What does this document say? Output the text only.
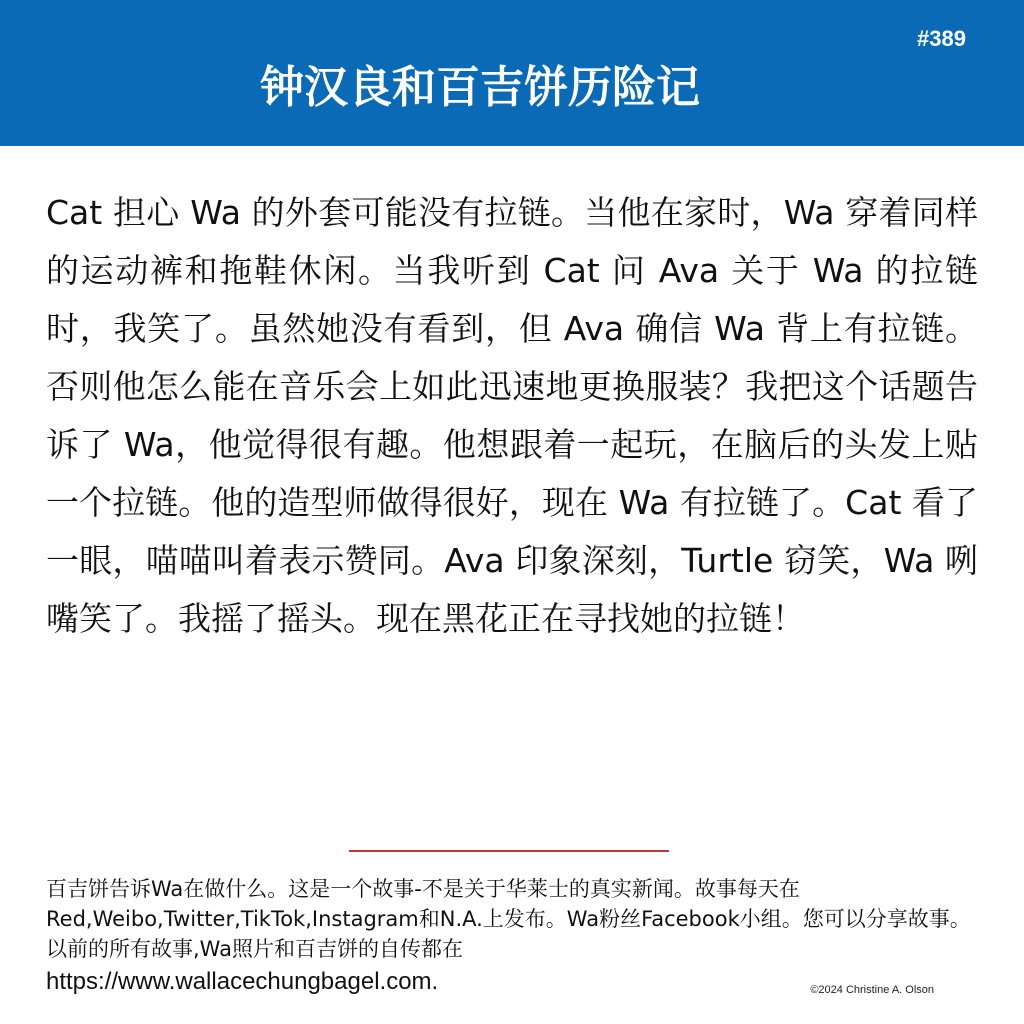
#389
钟汉良和百吉饼历险记
Cat 担心 Wa 的外套可能没有拉链。当他在家时，Wa 穿着同样的运动裤和拖鞋休闲。当我听到 Cat 问 Ava 关于 Wa 的拉链时，我笑了。虽然她没有看到，但 Ava 确信 Wa 背上有拉链。否则他怎么能在音乐会上如此迅速地更换服装？我把这个话题告诉了 Wa，他觉得很有趣。他想跟着一起玩，在脑后的头发上贴一个拉链。他的造型师做得很好，现在 Wa 有拉链了。Cat 看了一眼，喵喵叫着表示赞同。Ava 印象深刻，Turtle 窃笑，Wa 咧嘴笑了。我摇了摇头。现在黑花正在寻找她的拉链！
百吉饼告诉Wa在做什么。这是一个故事-不是关于华莱士的真实新闻。故事每天在Red,Weibo,Twitter,TikTok,Instagram和N.A.上发布。Wa粉丝Facebook小组。您可以分享故事。以前的所有故事,Wa照片和百吉饼的自传都在
https://www.wallacechungbagel.com.	©2024 Christine A. Olson
